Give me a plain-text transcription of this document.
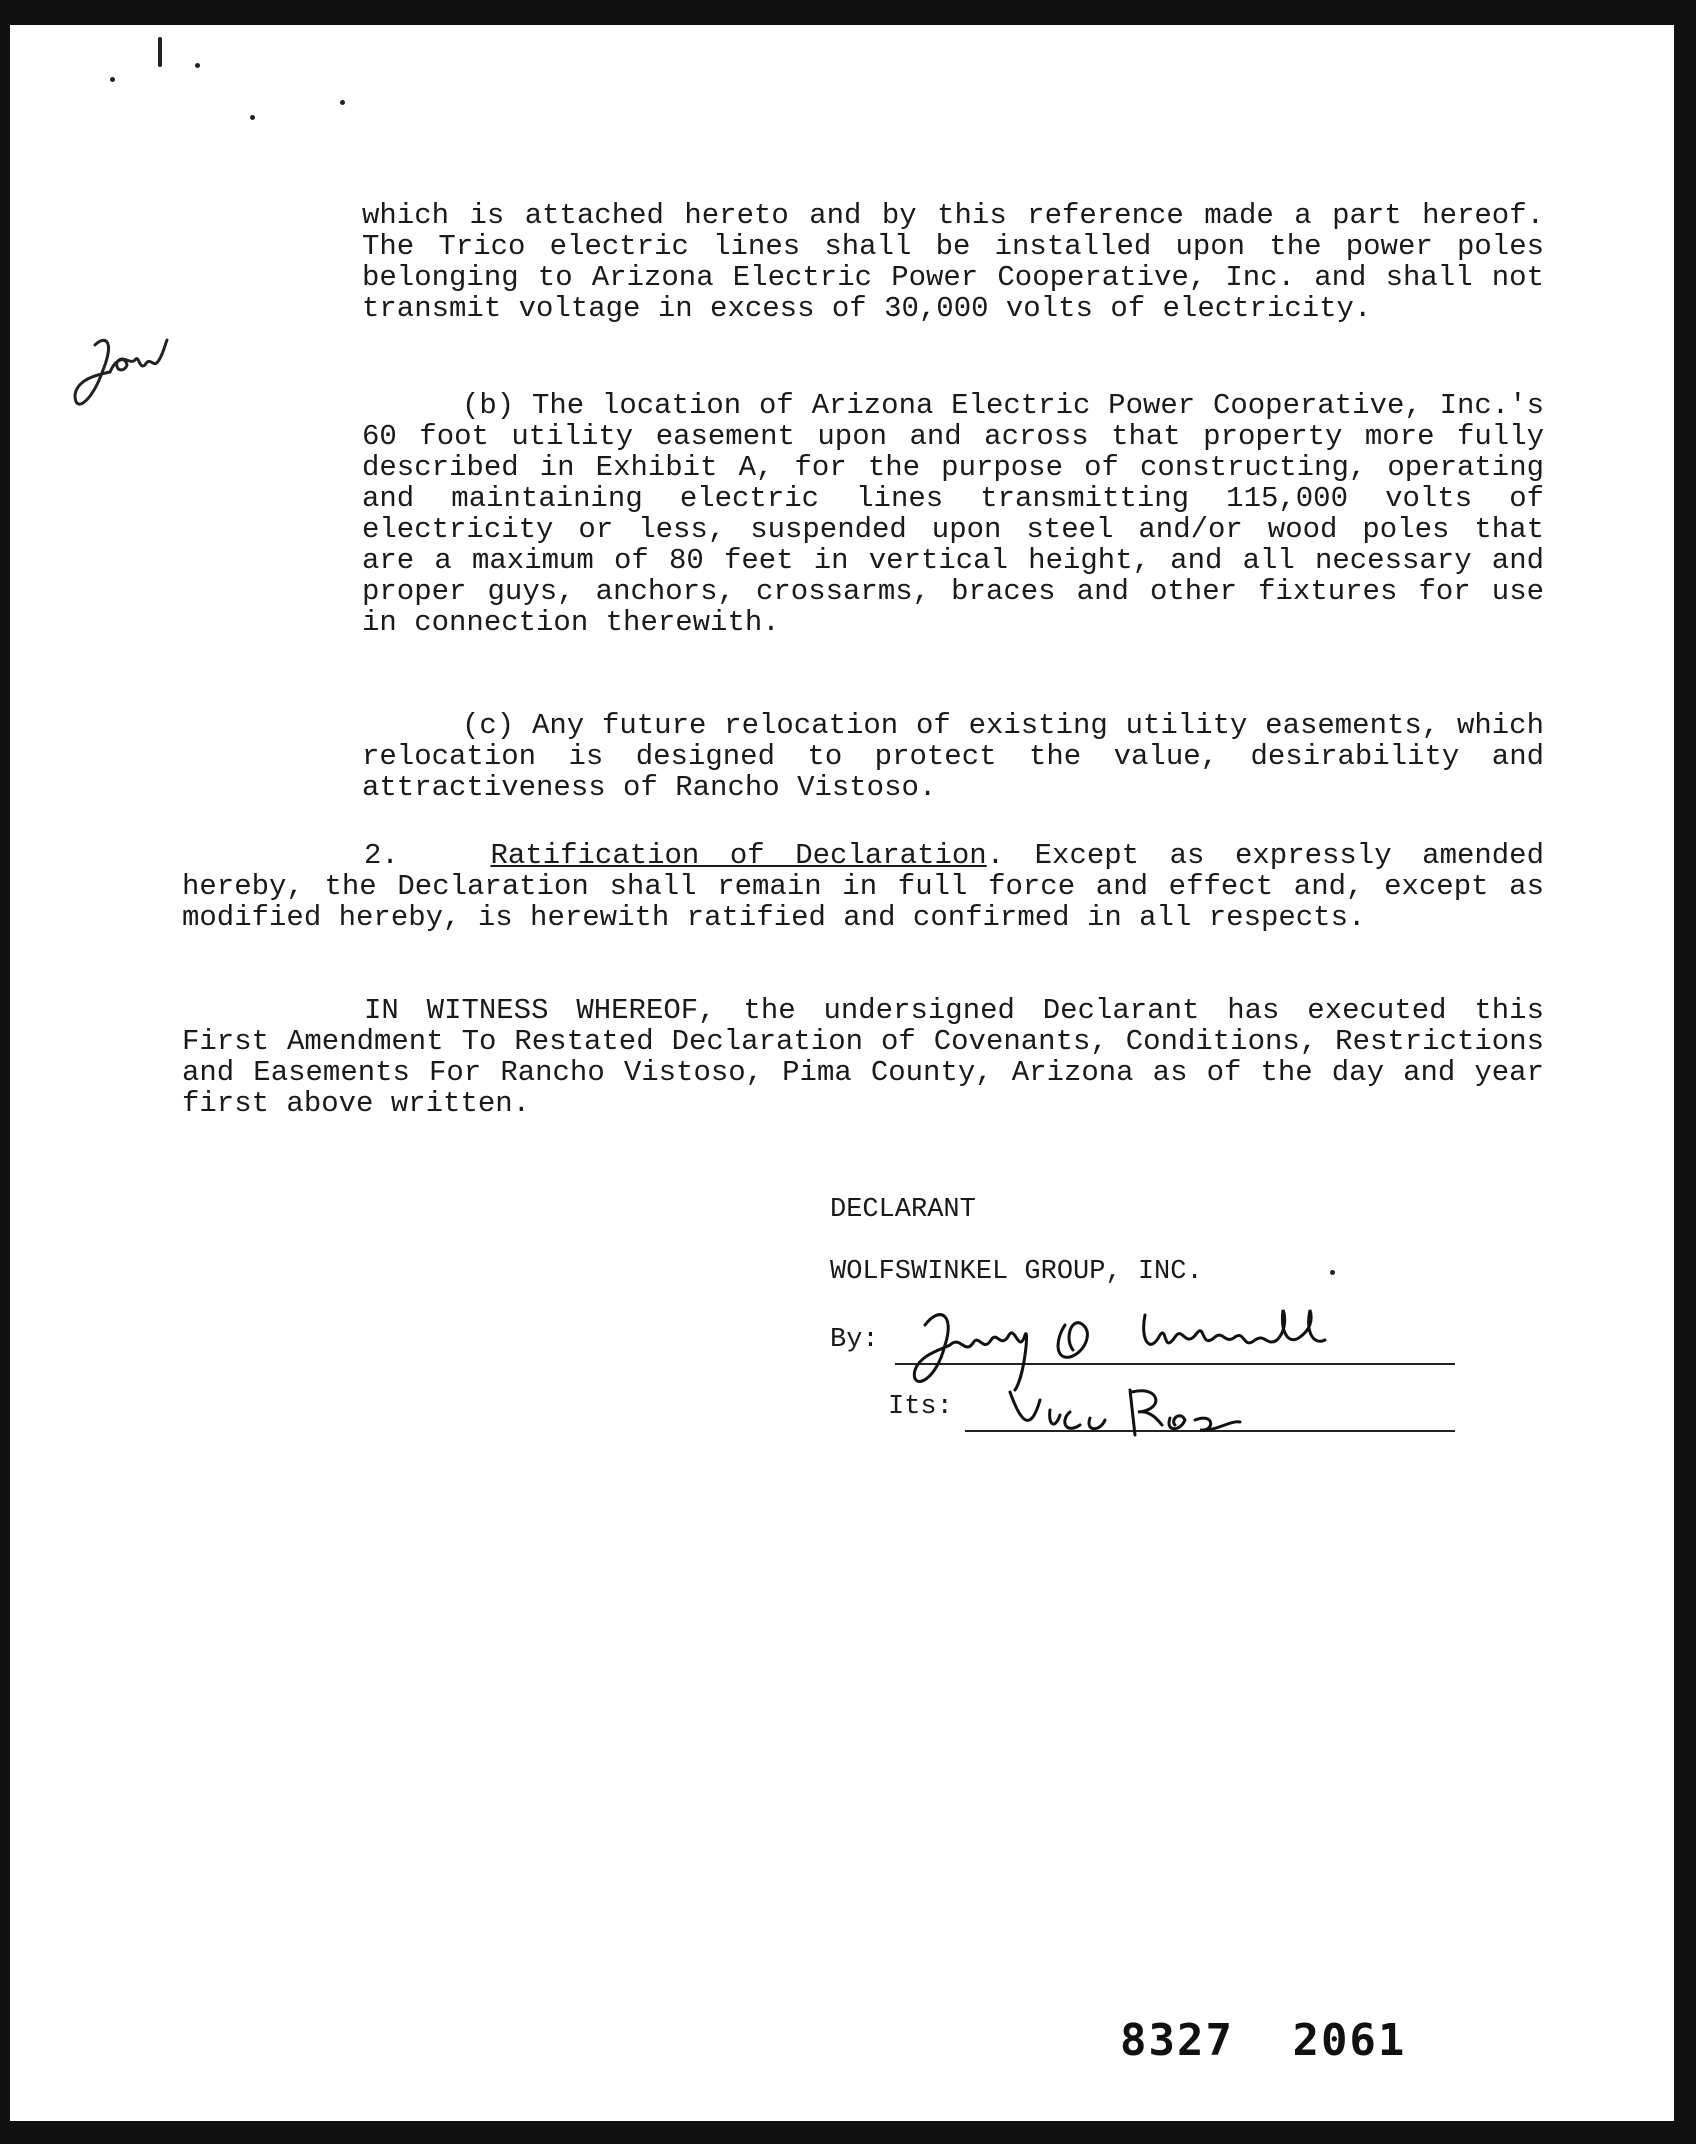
which is attached hereto and by this reference made a part hereof. The Trico electric lines shall be installed upon the power poles belonging to Arizona Electric Power Cooperative, Inc. and shall not transmit voltage in excess of 30,000 volts of electricity.

(b) The location of Arizona Electric Power Cooperative, Inc.'s 60 foot utility easement upon and across that property more fully described in Exhibit A, for the purpose of constructing, operating and maintaining electric lines transmitting 115,000 volts of electricity or less, suspended upon steel and/or wood poles that are a maximum of 80 feet in vertical height, and all necessary and proper guys, anchors, crossarms, braces and other fixtures for use in connection therewith.

(c) Any future relocation of existing utility easements, which relocation is designed to protect the value, desirability and attractiveness of Rancho Vistoso.

2.	Ratification of Declaration. Except as expressly amended hereby, the Declaration shall remain in full force and effect and, except as modified hereby, is herewith ratified and confirmed in all respects.

IN WITNESS WHEREOF, the undersigned Declarant has executed this First Amendment To Restated Declaration of Covenants, Conditions, Restrictions and Easements For Rancho Vistoso, Pima County, Arizona as of the day and year first above written.

DECLARANT
WOLFSWINKEL GROUP, INC.
By:
Its:
8327 2061
